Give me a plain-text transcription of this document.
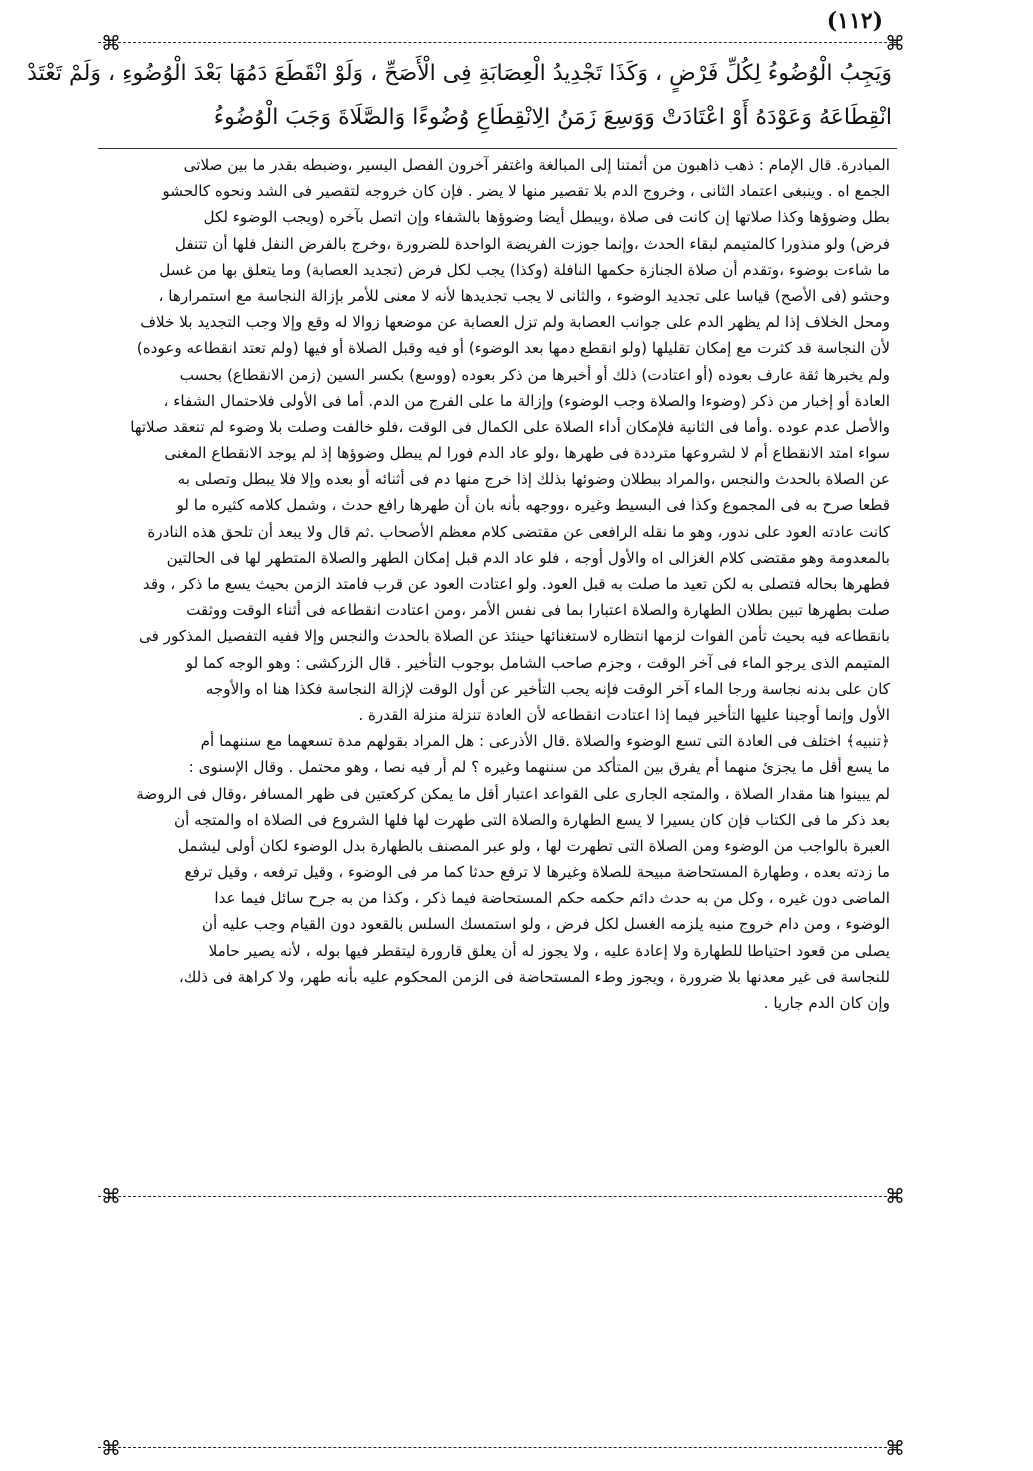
(١١٢)
⌘	⌘
وَيَجِبُ الْوُضُوءُ لِكُلِّ فَرْضٍ ، وَكَذَا تَجْدِيدُ الْعِصَابَةِ فِى الْأَصَحِّ ، وَلَوْ انْقَطَعَ دَمُهَا بَعْدَ الْوُضُوءِ ، وَلَمْ تَعْتَدْ
انْقِطَاعَهُ وَعَوْدَهُ أَوْ اعْتَادَتْ وَوَسِعَ زَمَنُ الِانْقِطَاعِ وُضُوءًا وَالصَّلَاةَ وَجَبَ الْوُضُوءُ
المبادرة. قال الإمام : ذهب ذاهبون من أئمتنا إلى المبالغة واغتفر آخرون الفصل اليسير ،وضبطه بقدر ما بين صلاتى
الجمع اه . وينبغى اعتماد الثانى ، وخروج الدم بلا تقصير منها لا يضر . فإن كان خروجه لتقصير فى الشد ونحوه كالحشو
بطل وضوؤها وكذا صلاتها إن كانت فى صلاة ،ويبطل أيضا وضوؤها بالشفاء وإن اتصل بآخره (ويجب الوضوء لكل
فرض) ولو منذورا كالمتيمم لبقاء الحدث ،وإنما جوزت الفريضة الواحدة للضرورة ،وخرج بالفرض النفل فلها أن تتنفل
ما شاءت بوضوء ،وتقدم أن صلاة الجنازة حكمها النافلة (وكذا) يجب لكل فرض (تجديد العصابة) وما يتعلق بها من غسل
وحشو (فى الأصح) قياسا على تجديد الوضوء ، والثانى لا يجب تجديدها لأنه لا معنى للأمر بإزالة النجاسة مع استمرارها ،
ومحل الخلاف إذا لم يظهر الدم على جوانب العصابة ولم تزل العصابة عن موضعها زوالا له وقع وإلا وجب التجديد بلا خلاف
لأن النجاسة قد كثرت مع إمكان تقليلها (ولو انقطع دمها بعد الوضوء) أو فيه وقبل الصلاة أو فيها (ولم تعتد انقطاعه وعوده)
ولم يخبرها ثقة عارف بعوده (أو اعتادت) ذلك أو أخبرها من ذكر بعوده (ووسع) بكسر السين (زمن الانقطاع) بحسب
العادة أو إخبار من ذكر (وضوءا والصلاة وجب الوضوء) وإزالة ما على الفرج من الدم. أما فى الأولى فلاحتمال الشفاء ،
والأصل عدم عوده .وأما فى الثانية فلإمكان أداء الصلاة على الكمال فى الوقت ،فلو خالفت وصلت بلا وضوء لم تنعقد صلاتها
سواء امتد الانقطاع أم لا لشروعها مترددة فى طهرها ،ولو عاد الدم فورا لم يبطل وضوؤها إذ لم يوجد الانقطاع المغنى
عن الصلاة بالحدث والنجس ،والمراد ببطلان وضوئها بذلك إذا خرج منها دم فى أثنائه أو بعده وإلا فلا يبطل وتصلى به
قطعا صرح به فى المجموع وكذا فى البسيط وغيره ،ووجهه بأنه بان أن طهرها رافع حدث ، وشمل كلامه كثيره ما لو
كانت عادته العود على ندور، وهو ما نقله الرافعى عن مقتضى كلام معظم الأصحاب .ثم قال ولا يبعد أن تلحق هذه النادرة
بالمعدومة وهو مقتضى كلام الغزالى اه والأول أوجه ، فلو عاد الدم قبل إمكان الطهر والصلاة المتطهر لها فى الحالتين
فطهرها بحاله فتصلى به لكن تعيد ما صلت به قبل العود. ولو اعتادت العود عن قرب فامتد الزمن بحيث يسع ما ذكر ، وقد
صلت بطهرها تبين بطلان الطهارة والصلاة اعتبارا بما فى نفس الأمر ،ومن اعتادت انقطاعه فى أثناء الوقت ووثقت
بانقطاعه فيه بحيث تأمن الفوات لزمها انتظاره لاستغنائها حينئذ عن الصلاة بالحدث والنجس وإلا ففيه التفصيل المذكور فى
المتيمم الذى يرجو الماء فى آخر الوقت ، وجزم صاحب الشامل بوجوب التأخير . قال الزركشى : وهو الوجه كما لو
كان على بدنه نجاسة ورجا الماء آخر الوقت فإنه يجب التأخير عن أول الوقت لإزالة النجاسة فكذا هنا اه والأوجه
الأول وإنما أوجبنا عليها التأخير فيما إذا اعتادت انقطاعه لأن العادة تنزلة منزلة القدرة .
﴿تنبيه﴾ اختلف فى العادة التى تسع الوضوء والصلاة .قال الأذرعى : هل المراد بقولهم مدة تسعهما مع سننهما أم
ما يسع أقل ما يجزئ منهما أم يفرق بين المتأكد من سننهما وغيره ؟ لم أر فيه نصا ، وهو محتمل . وقال الإسنوى :
لم يبينوا هنا مقدار الصلاة ، والمتجه الجارى على القواعد اعتبار أقل ما يمكن كركعتين فى ظهر المسافر ،وقال فى الروضة
بعد ذكر ما فى الكتاب فإن كان يسيرا لا يسع الطهارة والصلاة التى طهرت لها فلها الشروع فى الصلاة اه والمتجه أن
العبرة بالواجب من الوضوء ومن الصلاة التى تطهرت لها ، ولو عبر المصنف بالطهارة بدل الوضوء لكان أولى ليشمل
ما زدته بعده ، وطهارة المستحاضة مبيحة للصلاة وغيرها لا ترفع حدثا كما مر فى الوضوء ، وقيل ترفعه ، وقيل ترفع
الماضى دون غيره ، وكل من به حدث دائم حكمه حكم المستحاضة فيما ذكر ، وكذا من به جرح سائل فيما عدا
الوضوء ، ومن دام خروج منيه يلزمه الغسل لكل فرض ، ولو استمسك السلس بالقعود دون القيام وجب عليه أن
يصلى من قعود احتياطا للطهارة ولا إعادة عليه ، ولا يجوز له أن يعلق قارورة ليتقطر فيها بوله ، لأنه يصير حاملا
للنجاسة فى غير معدنها بلا ضرورة ، ويجوز وطء المستحاضة فى الزمن المحكوم عليه بأنه طهر، ولا كراهة فى ذلك،
وإن كان الدم جاريا .
⌘	⌘
⌘	⌘
